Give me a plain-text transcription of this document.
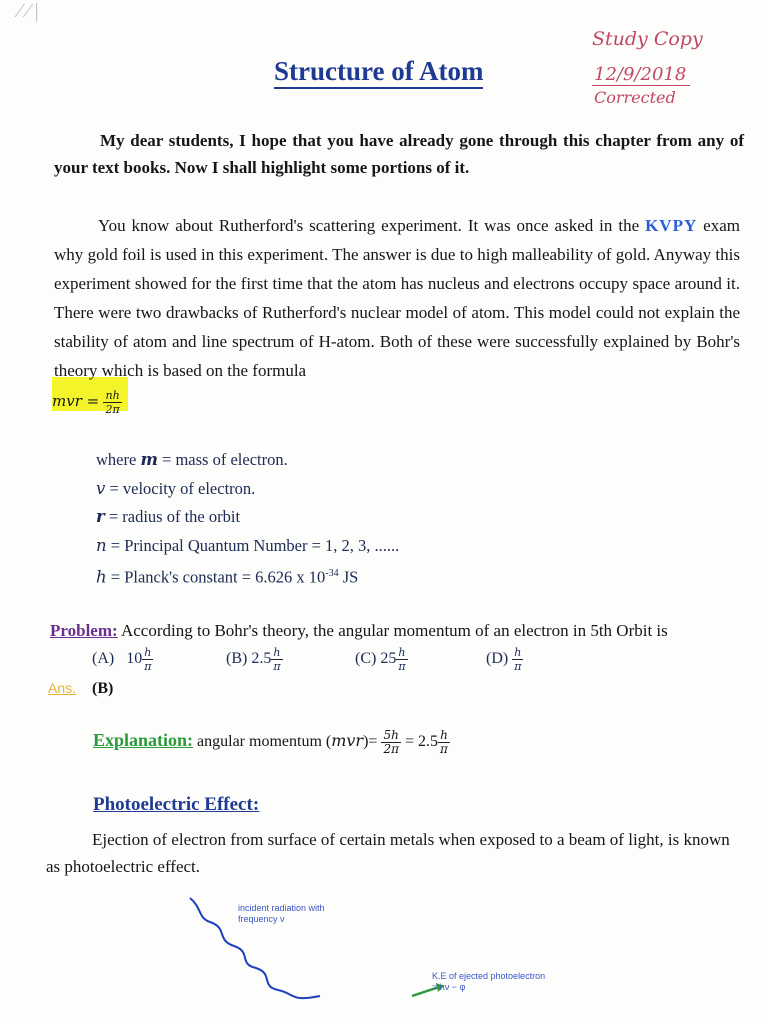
⁄ ⁄ |
Structure of Atom
Study Copy
12/9/2018
Corrected
My dear students, I hope that you have already gone through this chapter from any of your text books. Now I shall highlight some portions of it.
You know about Rutherford's scattering experiment. It was once asked in the KVPY exam why gold foil is used in this experiment. The answer is due to high malleability of gold. Anyway this experiment showed for the first time that the atom has nucleus and electrons occupy space around it. There were two drawbacks of Rutherford's nuclear model of atom. This model could not explain the stability of atom and line spectrum of H-atom. Both of these were successfully explained by Bohr's theory which is based on the formula
mvr = $\frac{nh}{2\pi}$
where m = mass of electron.
v = velocity of electron.
r = radius of the orbit
n = Principal Quantum Number = 1, 2, 3, ......
h = Planck's constant = 6.626 x $10^{-34}$ JS
Problem: According to Bohr's theory, the angular momentum of an electron in 5th Orbit is
(A) $10 \frac{h}{\pi}$	(B) $2.5 \frac{h}{\pi}$	(C) $25 \frac{h}{\pi}$	$(D) \frac{h}{\pi}$
Ans. (B)
Explanation: angular momentum $(mvr)= \frac{5h}{2\pi} = 2.5 \frac{h}{\pi}$
Photoelectric Effect:
Ejection of electron from surface of certain metals when exposed to a beam of light, is known as photoelectric effect.
incident radiation with
frequency ν
K.E of ejected photoelectron
= hν − φ
